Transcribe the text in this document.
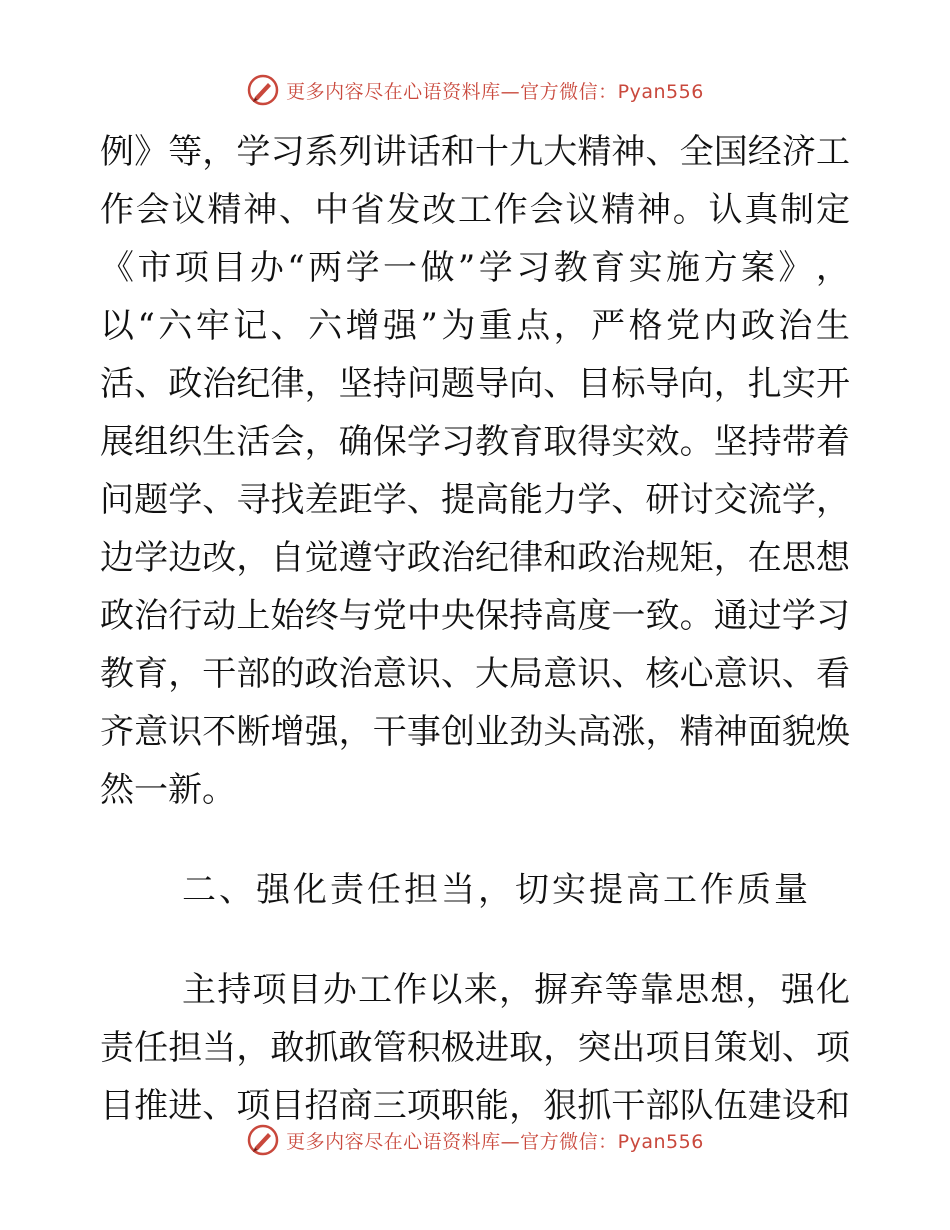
更多内容尽在心语资料库—官方微信：Pyan556
例 》 等 ， 学 习 系 列 讲 话 和 十 九 大 精 神 、 全 国 经 济 工
作 会 议 精 神 、 中 省 发 改 工 作 会 议 精 神 。 认 真 制 定
《 市 项 目 办 “ 两 学 一 做 ” 学 习 教 育 实 施 方 案 》 ，
以 “ 六 牢 记 、 六 增 强 ” 为 重 点 ， 严 格 党 内 政 治 生
活 、 政 治 纪 律 ， 坚 持 问 题 导 向 、 目 标 导 向 ， 扎 实 开
展 组 织 生 活 会 ， 确 保 学 习 教 育 取 得 实 效 。 坚 持 带 着
问 题 学 、 寻 找 差 距 学 、 提 高 能 力 学 、 研 讨 交 流 学 ，
边 学 边 改 ， 自 觉 遵 守 政 治 纪 律 和 政 治 规 矩 ， 在 思 想
政 治 行 动 上 始 终 与 党 中 央 保 持 高 度 一 致 。 通 过 学 习
教 育 ， 干 部 的 政 治 意 识 、 大 局 意 识 、 核 心 意 识 、 看
齐 意 识 不 断 增 强 ， 干 事 创 业 劲 头 高 涨 ， 精 神 面 貌 焕
然一新。
二、强化责任担当，切实提高工作质量
主 持 项 目 办 工 作 以 来 ， 摒 弃 等 靠 思 想 ， 强 化
责 任 担 当 ， 敢 抓 敢 管 积 极 进 取 ， 突 出 项 目 策 划 、 项
目 推 进 、 项 目 招 商 三 项 职 能 ， 狠 抓 干 部 队 伍 建 设 和
更多内容尽在心语资料库—官方微信：Pyan556
